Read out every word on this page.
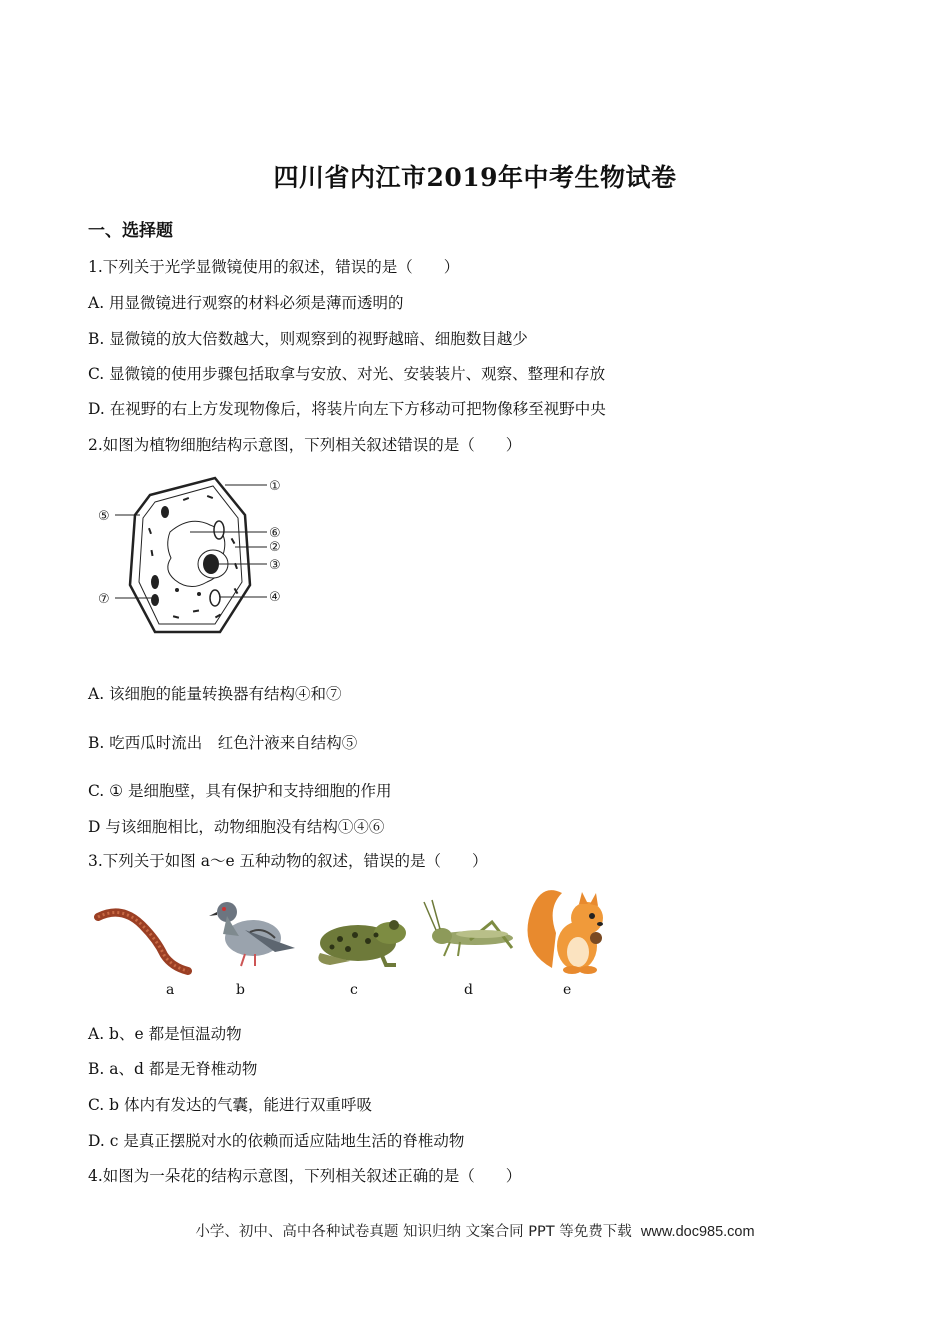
四川省内江市2019年中考生物试卷
一、选择题
1.下列关于光学显微镜使用的叙述，错误的是（　　）
A. 用显微镜进行观察的材料必须是薄而透明的
B. 显微镜的放大倍数越大，则观察到的视野越暗、细胞数目越少
C. 显微镜的使用步骤包括取拿与安放、对光、安装装片、观察、整理和存放
D. 在视野的右上方发现物像后，将装片向左下方移动可把物像移至视野中央
2.如图为植物细胞结构示意图，下列相关叙述错误的是（　　）
①
②
③
④
⑤
⑥
⑦
A. 该细胞的能量转换器有结构④和⑦
B. 吃西瓜时流出　红色汁液来自结构⑤
C. ① 是细胞壁，具有保护和支持细胞的作用
D 与该细胞相比，动物细胞没有结构①④⑥
3.下列关于如图 a～e 五种动物的叙述，错误的是（　　）
a	b	c	d	e
A. b、e 都是恒温动物
B. a、d 都是无脊椎动物
C. b 体内有发达的气囊，能进行双重呼吸
D. c 是真正摆脱对水的依赖而适应陆地生活的脊椎动物
4.如图为一朵花的结构示意图，下列相关叙述正确的是（　　）
小学、初中、高中各种试卷真题 知识归纳 文案合同 PPT 等免费下载 www.doc985.com
